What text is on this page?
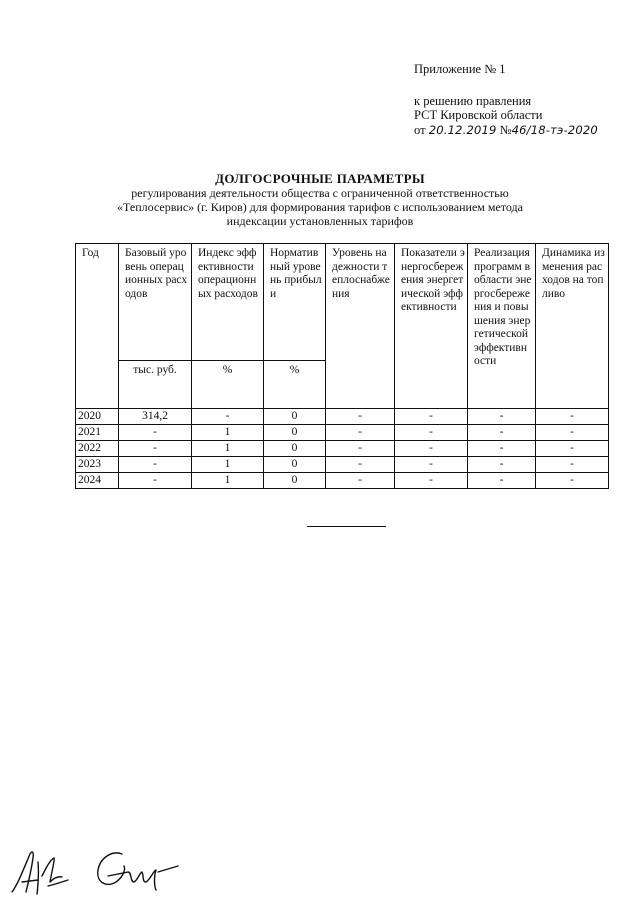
Приложение № 1
к решению правления
РСТ Кировской области
от 20.12.2019 №46/18-тэ-2020
ДОЛГОСРОЧНЫЕ ПАРАМЕТРЫ
регулирования деятельности общества с ограниченной ответственностью
«Теплосервис» (г. Киров) для формирования тарифов с использованием метода
индексации установленных тарифов
Год	Базовый уровень операционных расходов	Индекс эффективности операционных расходов	Нормативный уровень прибыли	Уровень надежности теплоснабжения	Показатели энергосбережения энергетической эффективности	Реализация программ в области энергосбережения и повышения энергетической эффективности	Динамика изменения расходов на топливо

	тыс. руб.	%	%				
2020	314,2	-	0	-	-	-	-
2021	-	1	0	-	-	-	-
2022	-	1	0	-	-	-	-
2023	-	1	0	-	-	-	-
2024	-	1	0	-	-	-	-
